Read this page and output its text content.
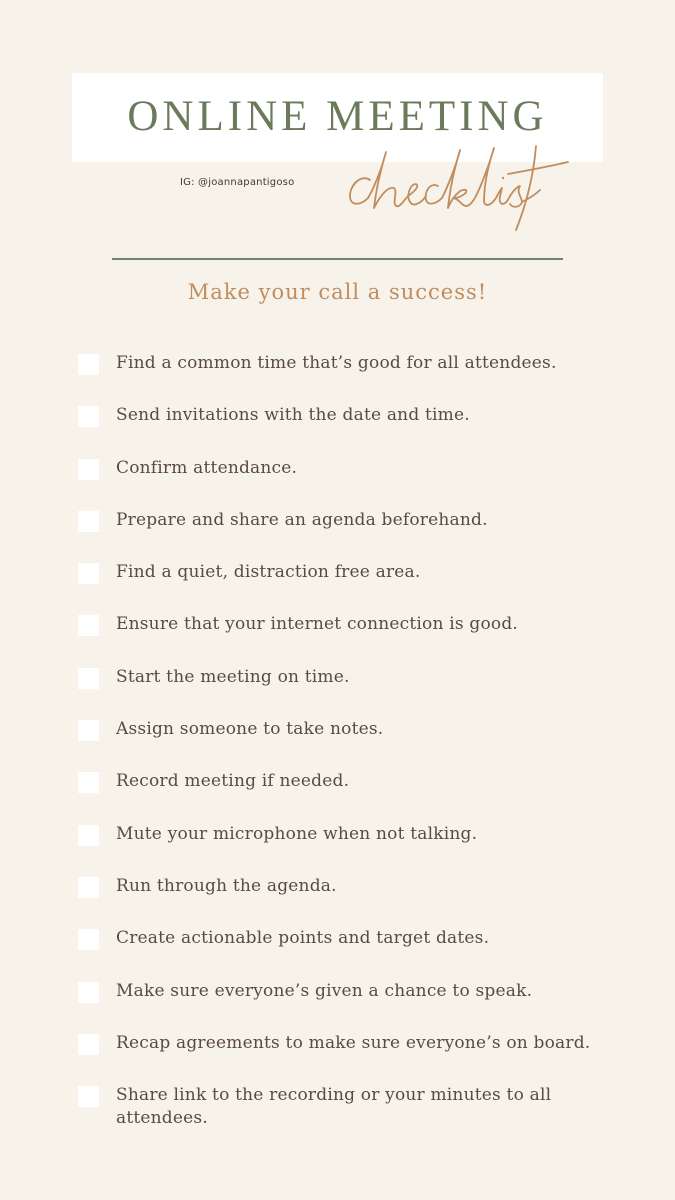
ONLINE MEETING
IG: @joannapantigoso
Make your call a success!
Find a common time that’s good for all attendees.
Send invitations with the date and time.
Confirm attendance.
Prepare and share an agenda beforehand.
Find a quiet, distraction free area.
Ensure that your internet connection is good.
Start the meeting on time.
Assign someone to take notes.
Record meeting if needed.
Mute your microphone when not talking.
Run through the agenda.
Create actionable points and target dates.
Make sure everyone’s given a chance to speak.
Recap agreements to make sure everyone’s on board.
Share link to the recording or your minutes to all attendees.
